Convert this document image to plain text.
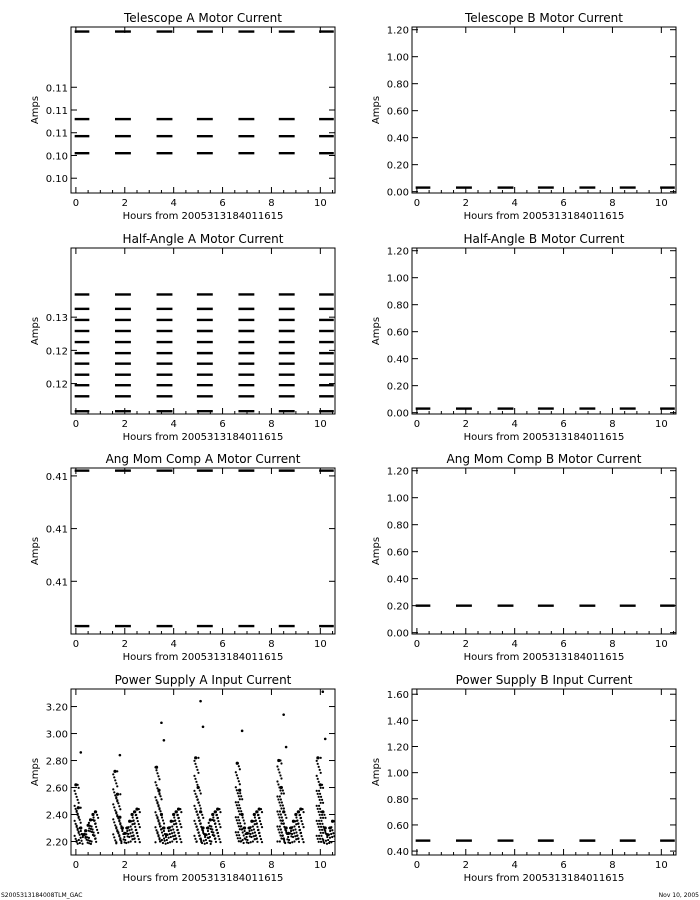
Telescope A Motor Current
0	2	4	6	8	10
0.10
0.10
0.11
0.11
0.11
Hours from 2005313184011615
Amps
Telescope B Motor Current
0	2	4	6	8	10
0.00
0.20
0.40
0.60
0.80
1.00
1.20
Hours from 2005313184011615
Amps
Half-Angle A Motor Current
0	2	4	6	8	10
0.12
0.12
0.13
Hours from 2005313184011615
Amps
Half-Angle B Motor Current
0	2	4	6	8	10
0.00
0.20
0.40
0.60
0.80
1.00
1.20
Hours from 2005313184011615
Amps
Ang Mom Comp A Motor Current
0	2	4	6	8	10
0.41
0.41
0.41
Hours from 2005313184011615
Amps
Ang Mom Comp B Motor Current
0	2	4	6	8	10
0.00
0.20
0.40
0.60
0.80
1.00
1.20
Hours from 2005313184011615
Amps
Power Supply A Input Current
0	2	4	6	8	10
2.20
2.40
2.60
2.80
3.00
3.20
Hours from 2005313184011615
Amps
Power Supply B Input Current
0	2	4	6	8	10
0.40
0.60
0.80
1.00
1.20
1.40
1.60
Hours from 2005313184011615
Amps
S2005313184008TLM_GAC	Nov 10, 2005
